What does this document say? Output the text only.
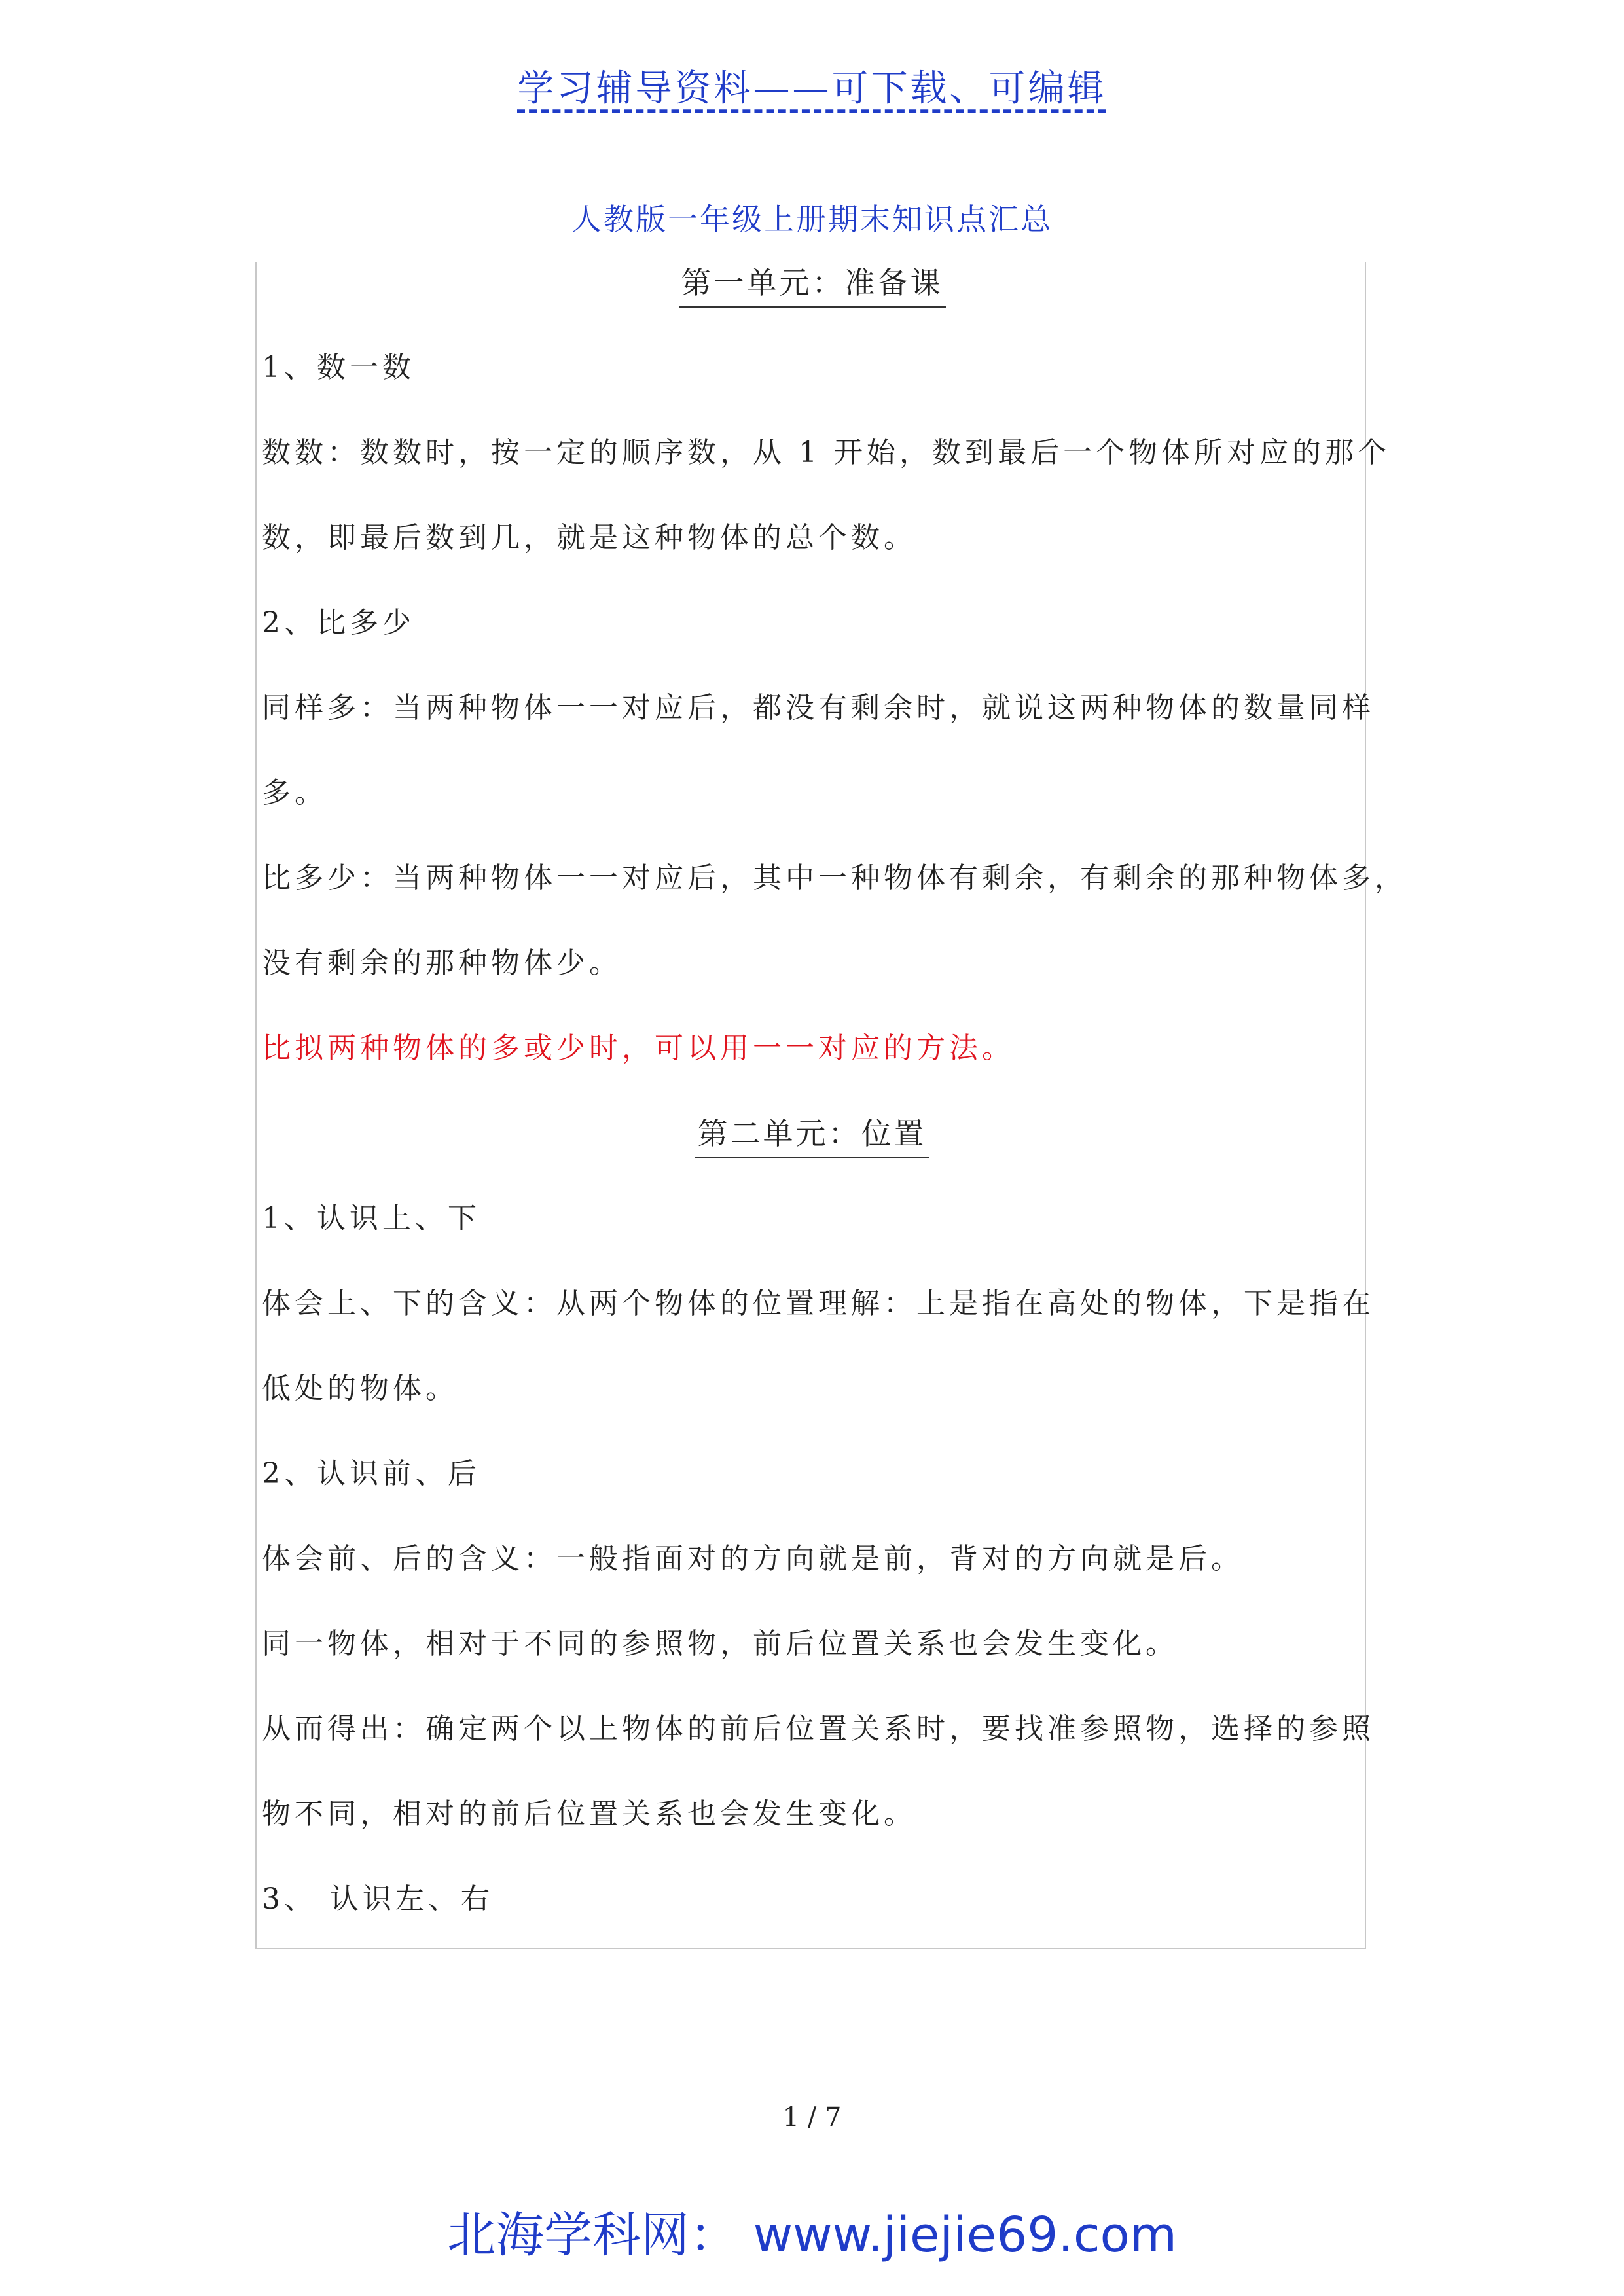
学习辅导资料——可下载、可编辑
人教版一年级上册期末知识点汇总
第一单元：准备课
1、数一数
数数：数数时，按一定的顺序数，从 1 开始，数到最后一个物体所对应的那个
数，即最后数到几，就是这种物体的总个数。
2、比多少
同样多：当两种物体一一对应后，都没有剩余时，就说这两种物体的数量同样
多。
比多少：当两种物体一一对应后，其中一种物体有剩余，有剩余的那种物体多，
没有剩余的那种物体少。
比拟两种物体的多或少时，可以用一一对应的方法。
第二单元：位置
1、认识上、下
体会上、下的含义：从两个物体的位置理解：上是指在高处的物体，下是指在
低处的物体。
2、认识前、后
体会前、后的含义：一般指面对的方向就是前，背对的方向就是后。
同一物体，相对于不同的参照物，前后位置关系也会发生变化。
从而得出：确定两个以上物体的前后位置关系时，要找准参照物，选择的参照
物不同，相对的前后位置关系也会发生变化。
3、 认识左、右
1 / 7
北海学科网： www.jiejie69.com
